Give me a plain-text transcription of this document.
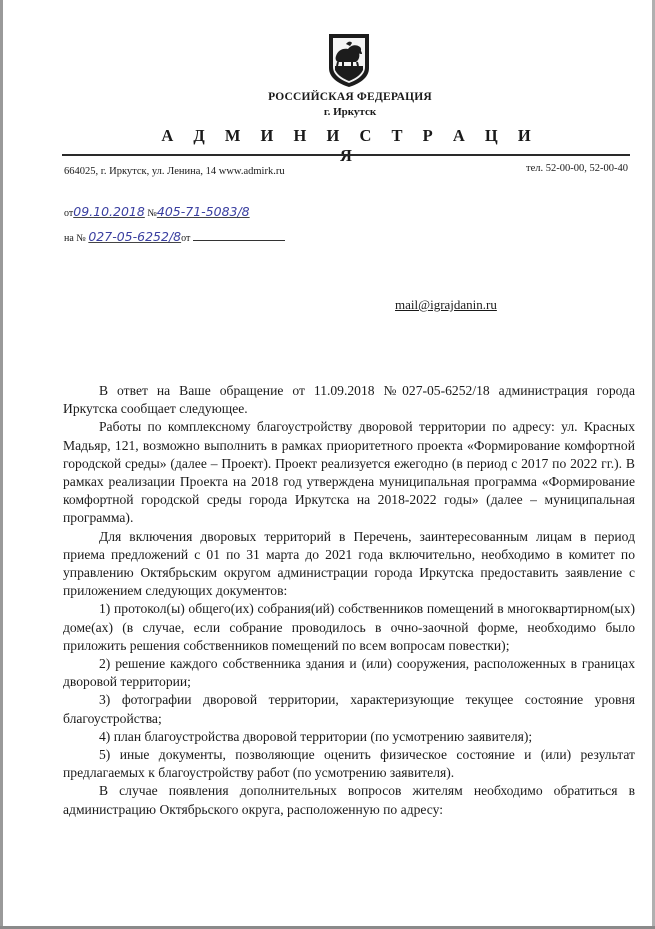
РОССИЙСКАЯ ФЕДЕРАЦИЯ
г. Иркутск
А Д М И Н И С Т Р А Ц И
664025, г. Иркутск, ул. Ленина, 14 www.admirk.ru	тел. 52-00-00, 52-00-40
от09.10.2018 №405-71-5083/8
на № 027-05-6252/8от
mail@igrajdanin.ru

В ответ на Ваше обращение от 11.09.2018 №027-05-6252/18 администрация города Иркутска сообщает следующее.

Работы по комплексному благоустройству дворовой территории по адресу: ул. Красных Мадьяр, 121, возможно выполнить в рамках приоритетного проекта «Формирование комфортной городской среды» (далее – Проект). Проект реализуется ежегодно (в период с 2017 по 2022 гг.). В рамках реализации Проекта на 2018 год утверждена муниципальная программа «Формирование комфортной городской среды города Иркутска на 2018-2022 годы» (далее – муниципальная программа).

Для включения дворовых территорий в Перечень, заинтересованным лицам в период приема предложений с 01 по 31 марта до 2021 года включительно, необходимо в комитет по управлению Октябрьским округом администрации города Иркутска предоставить заявление с приложением следующих документов:

1) протокол(ы) общего(их) собрания(ий) собственников помещений в многоквартирном(ых) доме(ах) (в случае, если собрание проводилось в очно-заочной форме, необходимо было приложить решения собственников помещений по всем вопросам повестки);

2) решение каждого собственника здания и (или) сооружения, расположенных в границах дворовой территории;

3) фотографии дворовой территории, характеризующие текущее состояние уровня благоустройства;

4) план благоустройства дворовой территории (по усмотрению заявителя);

5) иные документы, позволяющие оценить физическое состояние и (или) результат предлагаемых к благоустройству работ (по усмотрению заявителя).

В случае появления дополнительных вопросов жителям необходимо обратиться в администрацию Октябрьского округа, расположенную по адресу:
